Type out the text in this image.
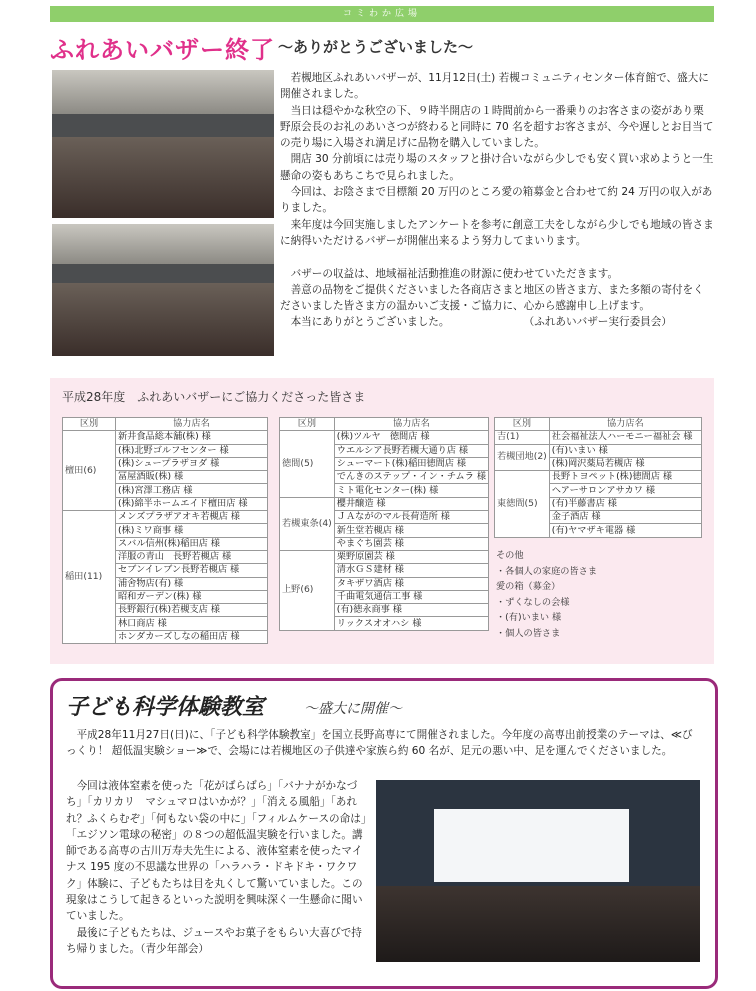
コミわか広場
ふれあいバザー終了 ～ありがとうございました～

若槻地区ふれあいバザーが、11月12日(土) 若槻コミュニティセンター体育館で、盛大に開催されました。

当日は穏やかな秋空の下、９時半開店の１時間前から一番乗りのお客さまの姿があり栗野原会長のお礼のあいさつが終わると同時に 70 名を超すお客さまが、今や遅しとお目当ての売り場に入場され満足げに品物を購入していました。

開店 30 分前頃には売り場のスタッフと掛け合いながら少しでも安く買い求めようと一生懸命の姿もあちこちで見られました。

今回は、お陰さまで目標額 20 万円のところ愛の箱募金と合わせて約 24 万円の収入がありました。

来年度は今回実施しましたアンケートを参考に創意工夫をしながら少しでも地域の皆さまに納得いただけるバザーが開催出来るよう努力してまいります。

バザーの収益は、地域福祉活動推進の財源に使わせていただきます。

善意の品物をご提供くださいました各商店さまと地区の皆さま方、また多額の寄付をくださいました皆さま方の温かいご支援・ご協力に、心から感謝申し上げます。

本当にありがとうございました。　　　　　　　　（ふれあいバザー実行委員会）

平成28年度　ふれあいバザーにご協力くださった皆さま
区別	協力店名
檀田(6)	新井食品総本舗(株) 様
	(株)北野ゴルフセンター 様
	(株)シュープラザヨダ 様
	冨屋酒販(株) 様
	(株)宮澤工務店 様
	(株)綿半ホームエイド檀田店 様
稲田(11)	メンズプラザアオキ若槻店 様
	(株)ミワ商事 様
	スバル信州(株)稲田店 様
	洋服の青山　長野若槻店 様
	セブンイレブン長野若槻店 様
	浦舍物店(有) 様
	昭和ガーデン(株) 様
	長野銀行(株)若槻支店 様
	林口商店 様
	ホンダカーズしなの稲田店 様
区別	協力店名
徳間(5)	(株)ツルヤ　徳間店 様
	ウエルシア長野若槻大通り店 様
	シューマート(株)稲田徳間店 様
	でんきのステップ・イン・チムラ 様
	ミト電化センター(株) 様
若槻東条(4)	櫻井醸造 様
	ＪＡながのマル長荷造所 様
	新生堂若槻店 様
	やまぐち園芸 様
上野(6)	栗野原園芸 様
	清水ＧＳ建材 様
	タキザワ酒店 様
	千曲電気通信工事 様
	(有)徳永商事 様
	リックスオオハシ 様
区別	協力店名
吉(1)	社会福祉法人ハーモニー福祉会 様
若槻団地(2)	(有)いまい 様
	(株)岡沢薬局若槻店 様
東徳間(5)	長野トヨペット(株)徳間店 様
	ヘアーサロンアサカワ 様
	(有)半藤書店 様
	金子酒店 様
	(有)ヤマザキ電器 様
その他
・各個人の家庭の皆さま
愛の箱（募金）
・ずくなしの会様
・(有)いまい 様
・個人の皆さま
子ども科学体験教室	～盛大に開催～

平成28年11月27日(日)に、「子ども科学体験教室」を国立長野高専にて開催されました。今年度の高専出前授業のテーマは、≪びっくり！ 超低温実験ショー≫で、会場には若槻地区の子供達や家族ら約 60 名が、足元の悪い中、足を運んでくださいました。

今回は液体窒素を使った「花がばらばら」「バナナがかなづち」「カリカリ　マシュマロはいかが？」「消える風船」「あれれ？ふくらむぞ」「何もない袋の中に」「フィルムケースの命は」「エジソン電球の秘密」の８つの超低温実験を行いました。講師である高専の古川万寿夫先生による、液体窒素を使ったマイナス 195 度の不思議な世界の「ハラハラ・ドキドキ・ワクワク」体験に、子どもたちは目を丸くして驚いていました。この現象はこうして起きるといった説明を興味深く一生懸命に聞いていました。

最後に子どもたちは、ジュースやお菓子をもらい大喜びで持ち帰りました。（青少年部会）
